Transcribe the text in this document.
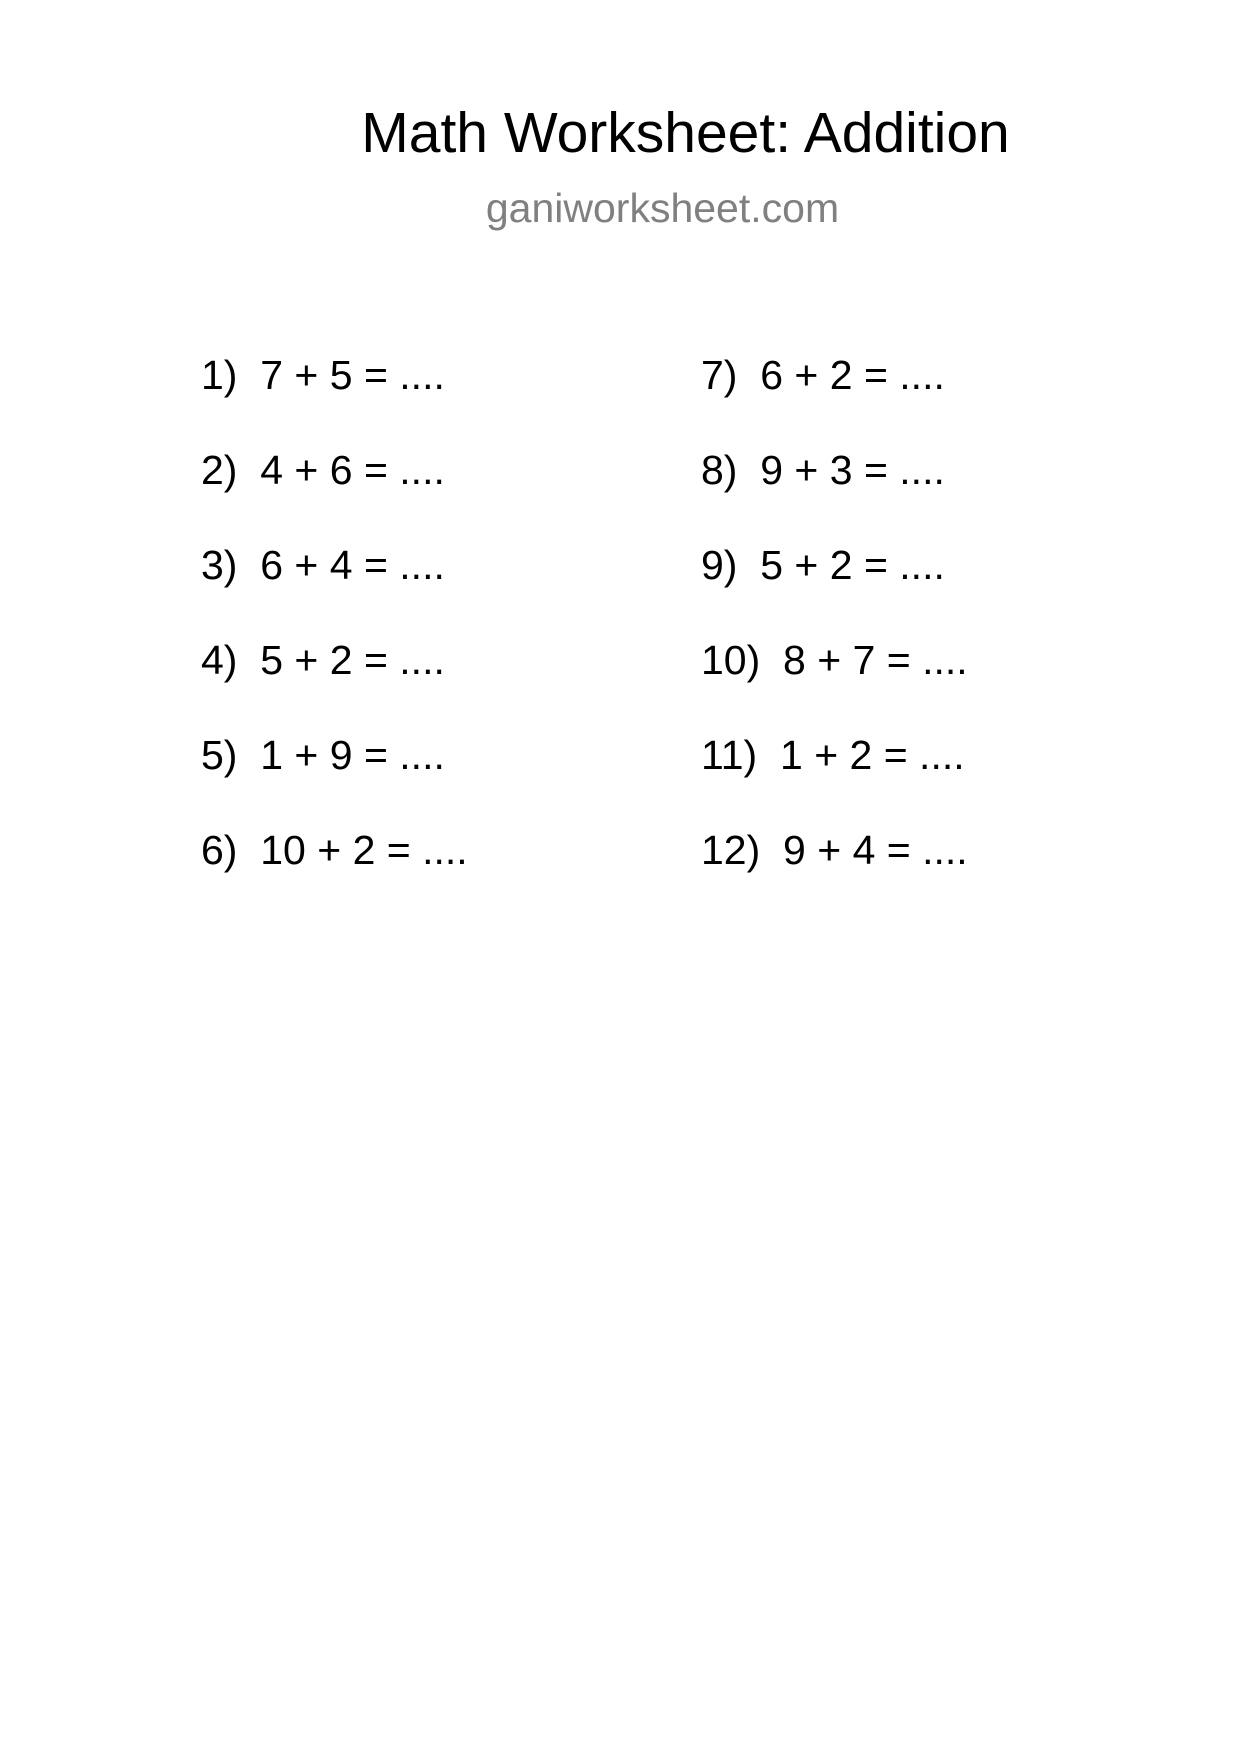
Math Worksheet: Addition
ganiworksheet.com
1)  7 + 5 = ....
2)  4 + 6 = ....
3)  6 + 4 = ....
4)  5 + 2 = ....
5)  1 + 9 = ....
6)  10 + 2 = ....
7)  6 + 2 = ....
8)  9 + 3 = ....
9)  5 + 2 = ....
10)  8 + 7 = ....
11)  1 + 2 = ....
12)  9 + 4 = ....
